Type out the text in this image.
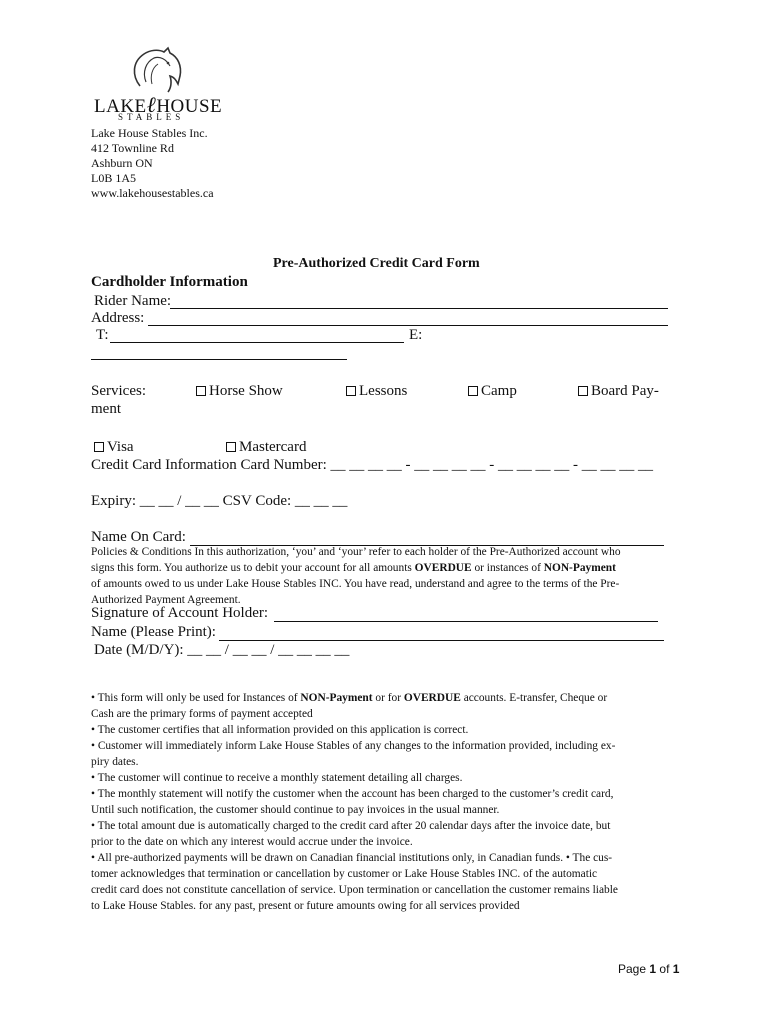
LAKEℓHOUSE
STABLES
Lake House Stables Inc.
412 Townline Rd
Ashburn ON
L0B 1A5
www.lakehousestables.ca
Pre-Authorized Credit Card Form
Cardholder Information
Rider Name:
Address:
T:	E:
Services:	Horse Show	Lessons	Camp	Board Pay-
ment
Visa	Mastercard
Credit Card Information Card Number: __ __ __ __ - __ __ __ __ - __ __ __ __ - __ __ __ __
Expiry: __ __ / __ __ CSV Code: __ __ __
Name On Card:

Policies & Conditions In this authorization, ‘you’ and ‘your’ refer to each holder of the Pre-Authorized account who

signs this form. You authorize us to debit your account for all amounts OVERDUE or instances of NON-Payment

of amounts owed to us under Lake House Stables INC. You have read, understand and agree to the terms of the Pre-

Authorized Payment Agreement.

Signature of Account Holder:
Name (Please Print):
Date (M/D/Y): __ __ / __ __ / __ __ __ __

• This form will only be used for Instances of NON-Payment or for OVERDUE accounts. E-transfer, Cheque or

Cash are the primary forms of payment accepted

• The customer certifies that all information provided on this application is correct.

• Customer will immediately inform Lake House Stables of any changes to the information provided, including ex-

piry dates.

• The customer will continue to receive a monthly statement detailing all charges.

• The monthly statement will notify the customer when the account has been charged to the customer’s credit card,

Until such notification, the customer should continue to pay invoices in the usual manner.

• The total amount due is automatically charged to the credit card after 20 calendar days after the invoice date, but

prior to the date on which any interest would accrue under the invoice.

• All pre-authorized payments will be drawn on Canadian financial institutions only, in Canadian funds. • The cus-

tomer acknowledges that termination or cancellation by customer or Lake House Stables INC. of the automatic

credit card does not constitute cancellation of service. Upon termination or cancellation the customer remains liable

to Lake House Stables. for any past, present or future amounts owing for all services provided

Page 1 of 1
